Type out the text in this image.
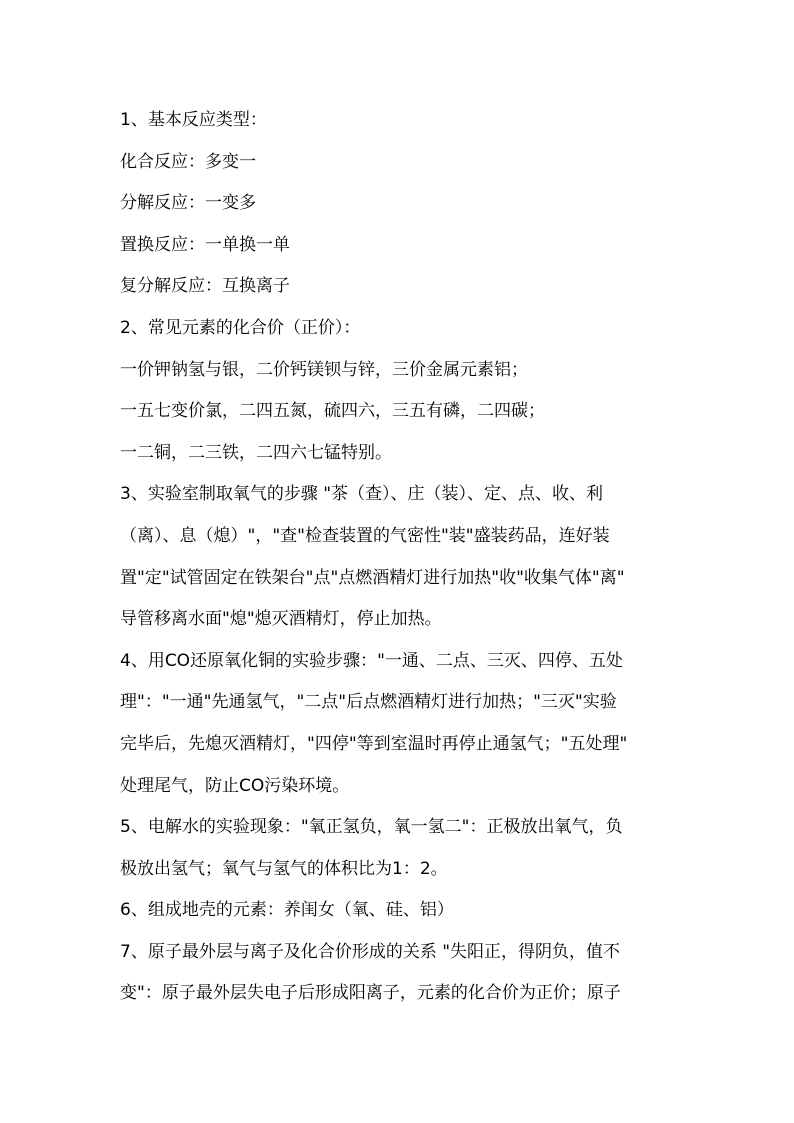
1、基本反应类型：
化合反应：多变一
分解反应：一变多
置换反应：一单换一单
复分解反应：互换离子
2、常见元素的化合价（正价）：
一价钾钠氢与银，二价钙镁钡与锌，三价金属元素铝；
一五七变价氯，二四五氮，硫四六，三五有磷，二四碳；
一二铜，二三铁，二四六七锰特别。
3、实验室制取氧气的步骤 "茶（查）、庄（装）、定、点、收、利
（离）、息（熄）"，"查"检查装置的气密性"装"盛装药品，连好装
置"定"试管固定在铁架台"点"点燃酒精灯进行加热"收"收集气体"离"
导管移离水面"熄"熄灭酒精灯，停止加热。
4、用CO还原氧化铜的实验步骤："一通、二点、三灭、四停、五处
理"："一通"先通氢气，"二点"后点燃酒精灯进行加热；"三灭"实验
完毕后，先熄灭酒精灯，"四停"等到室温时再停止通氢气；"五处理"
处理尾气，防止CO污染环境。
5、电解水的实验现象："氧正氢负，氧一氢二"：正极放出氧气，负
极放出氢气；氧气与氢气的体积比为1：2。
6、组成地壳的元素：养闺女（氧、硅、铝）
7、原子最外层与离子及化合价形成的关系 "失阳正，得阴负，值不
变"：原子最外层失电子后形成阳离子，元素的化合价为正价；原子
